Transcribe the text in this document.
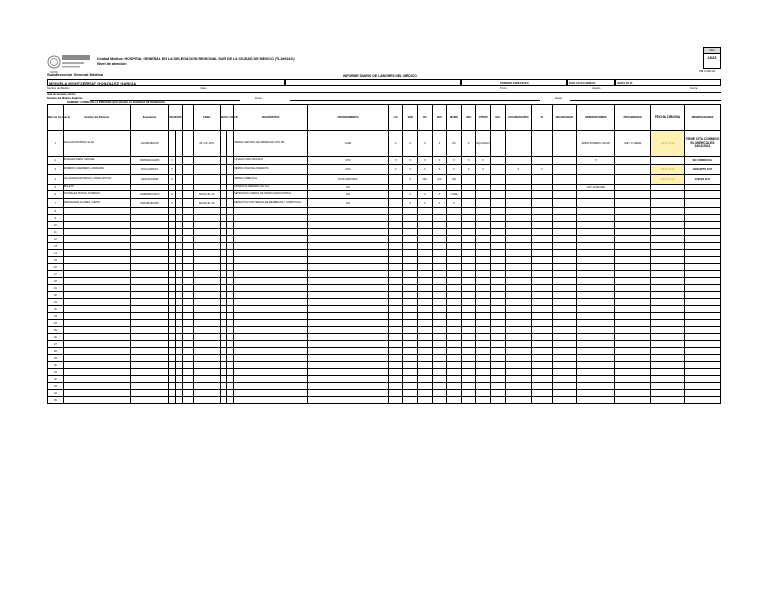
Unidad Médica: HOSPITAL GENERAL EN LA DELEGACION REGIONAL SUR DE LA CIUDAD DE MEXICO (TLAHUAC)
Nivel de atención
Año
2023
SM-6-DM-04
Subdirección General Médica	INFORME DIARIO DE LABORES DEL MÉDICO
MIGUELA MONTZERRAT GONZALEZ GARCIA	PERIODO ESPECIFICO	8:00-15:00 HORAS	HASTA 24/ 23
Nombre del Médico	Clave	Turno	Horario	Fecha
Jefe de Servicio clínico
Nombre del Médico Suplente	Firma	Horas
NOMBRE Y FIRMA DE LA PERSONA QUE VALIDA LA VIGENCIA DE DERECHOS
Núm de Con sul ta	Nombre del Paciente	Expediente	PACIENTE			EDAD	SEXO Y EDAD		DIAGNÓSTICO	PROCEDIMIENTO	LIC	VDR	RX	PAP	MAMO	USG	OTROS	VAC	COLONOSCOPIA	IC	INCAPACIDAD	OBSERVACIONES	PROCEDENCIA	FECHA CIRUGIA	OBSERVACIONES
1	SALGADO ESPINAL ELSA	GASPE1802/18				28 / 01/ 1975			HERNIA VENTRAL DE ABORDAJE CON PR...	LAPE	X	X	X	X	OK	X	EQUI-MACH					EMPR ROMERO JACOB	GMT: C/ REMR	15/ 02/ 2023	TIENE CITA CONMIGO EL MIERCOLES 24/11/2021
2	ROSALES PEÑA, MANUEL	ROPM2041/1936	X						COLELITIASIS CRONICA	CPO	X	X	X	X	X	X	X					X			SEI CONMIGO EL
3	ROMERO GUERRERO, ARMANDO	ROGA1006/43	X						HERNIA INGUINAL DERECHA	CPO	X	X	X	X	X	X	X		X	X				15/ 02/ 2023	CONCEPTO 2017
4	VILLANUEVA ESTRELLA, FRIDA LETICIA	VIEF0401/4643	X						HERNIA UMBILICAL	EXPLORATORIA		X	N/A	N/A	N/A									15/ 02/ 2023	JUEVES 2017
5	BOLETO								CONSULTA GENERAL EN TLA	N/A												CAP: ALMACEN			
6	GONZALEZ ROSAS, DOMINGO	GORD0807/1970	X			MALTA-31-TA			SENECTUD LATERAL DE HERNIA EPIGASTRICA	N/A		X	X	X	OTRA										
7	HERNANDEZ FLORES, JUDITH	HEFJ0109/1938	X			MALTA-31-TA			SENECTUD CON HERNIA DE MEMBRANA Y SUBCOSTAL	N/A		X	X	X	X										
8																									
9																									
10																									
11																									
12																									
13																									
14																									
15																									
16																									
17																									
18																									
19																									
20																									
21																									
22																									
23																									
24																									
25																									
26																									
27																									
28																									
29																									
30																									
31																									
32																									
33																									
34																									
35																									
